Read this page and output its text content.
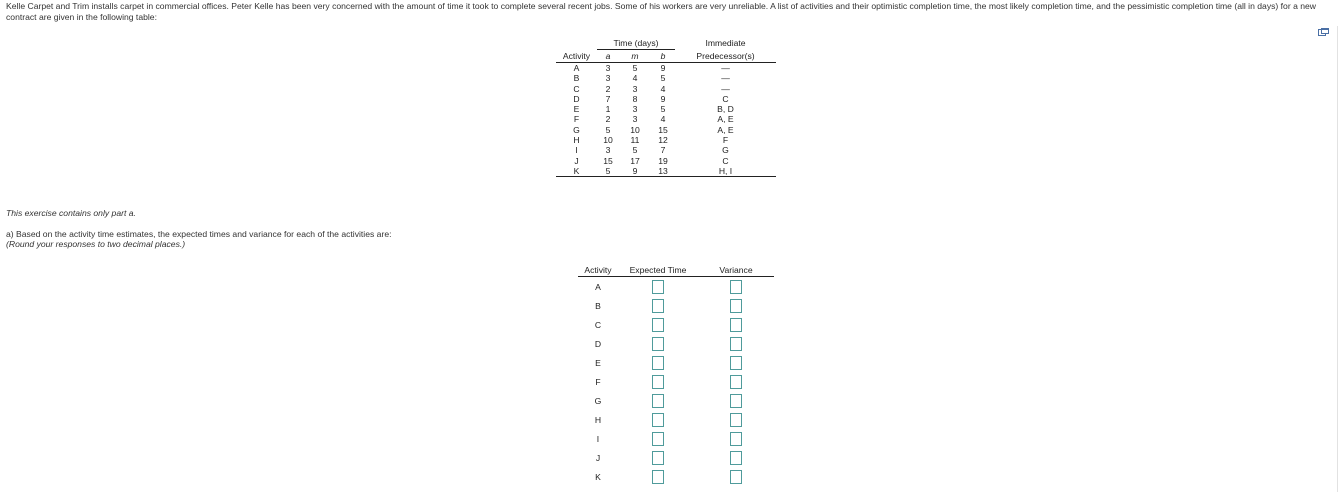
Kelle Carpet and Trim installs carpet in commercial offices. Peter Kelle has been very concerned with the amount of time it took to complete several recent jobs. Some of his workers are very unreliable. A list of activities and their optimistic completion time, the most likely completion time, and the pessimistic completion time (all in days) for a new contract are given in the following table:
	Time (days)			Immediate
Activity	a	m	b	Predecessor(s)
A	3	5	9	—
B	3	4	5	—
C	2	3	4	—
D	7	8	9	C
E	1	3	5	B, D
F	2	3	4	A, E
G	5	10	15	A, E
H	10	11	12	F
I	3	5	7	G
J	15	17	19	C
K	5	9	13	H, I
This exercise contains only part a.
a) Based on the activity time estimates, the expected times and variance for each of the activities are:
(Round your responses to two decimal places.)
Activity	Expected Time	Variance
A		
B		
C		
D		
E		
F		
G		
H		
I		
J		
K		
